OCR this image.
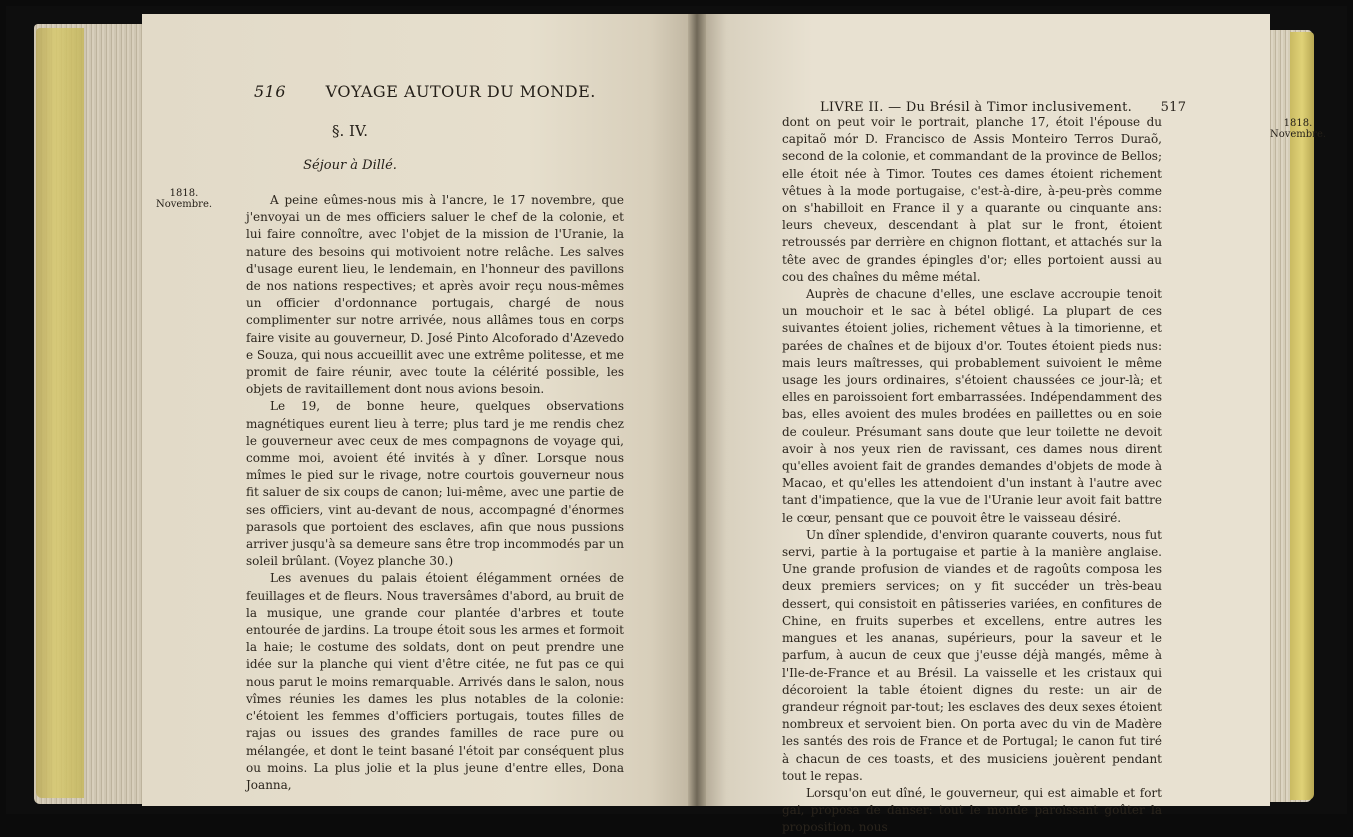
516 VOYAGE AUTOUR DU MONDE.
§. IV.
Séjour à Dillé.
1818. Novembre.	A peine eûmes-nous mis à l'ancre, le 17 novembre, que j'envoyai un de mes officiers saluer le chef de la colonie, et lui faire connoître, avec l'objet de la mission de l'Uranie, la nature des besoins qui motivoient notre relâche. Les salves d'usage eurent lieu, le lendemain, en l'honneur des pavillons de nos nations respectives; et après avoir reçu nous-mêmes un officier d'ordonnance portugais, chargé de nous complimenter sur notre arrivée, nous allâmes tous en corps faire visite au gouverneur, D. José Pinto Alcoforado d'Azevedo e Souza, qui nous accueillit avec une extrême politesse, et me promit de faire réunir, avec toute la célérité possible, les objets de ravitaillement dont nous avions besoin.

Le 19, de bonne heure, quelques observations magnétiques eurent lieu à terre; plus tard je me rendis chez le gouverneur avec ceux de mes compagnons de voyage qui, comme moi, avoient été invités à y dîner. Lorsque nous mîmes le pied sur le rivage, notre courtois gouverneur nous fit saluer de six coups de canon; lui-même, avec une partie de ses officiers, vint au-devant de nous, accompagné d'énormes parasols que portoient des esclaves, afin que nous pussions arriver jusqu'à sa demeure sans être trop incommodés par un soleil brûlant. (Voyez planche 30.)

Les avenues du palais étoient élégamment ornées de feuillages et de fleurs. Nous traversâmes d'abord, au bruit de la musique, une grande cour plantée d'arbres et toute entourée de jardins. La troupe étoit sous les armes et formoit la haie; le costume des soldats, dont on peut prendre une idée sur la planche qui vient d'être citée, ne fut pas ce qui nous parut le moins remarquable. Arrivés dans le salon, nous vîmes réunies les dames les plus notables de la colonie: c'étoient les femmes d'officiers portugais, toutes filles de rajas ou issues des grandes familles de race pure ou mélangée, et dont le teint basané l'étoit par conséquent plus ou moins. La plus jolie et la plus jeune d'entre elles, Dona Joanna,

LIVRE II. — Du Brésil à Timor inclusivement. 517
1818. Novembre.

dont on peut voir le portrait, planche 17, étoit l'épouse du capitaõ mór D. Francisco de Assis Monteiro Terros Duraõ, second de la colonie, et commandant de la province de Bellos; elle étoit née à Timor. Toutes ces dames étoient richement vêtues à la mode portugaise, c'est-à-dire, à-peu-près comme on s'habilloit en France il y a quarante ou cinquante ans: leurs cheveux, descendant à plat sur le front, étoient retroussés par derrière en chignon flottant, et attachés sur la tête avec de grandes épingles d'or; elles portoient aussi au cou des chaînes du même métal.

Auprès de chacune d'elles, une esclave accroupie tenoit un mouchoir et le sac à bétel obligé. La plupart de ces suivantes étoient jolies, richement vêtues à la timorienne, et parées de chaînes et de bijoux d'or. Toutes étoient pieds nus: mais leurs maîtresses, qui probablement suivoient le même usage les jours ordinaires, s'étoient chaussées ce jour-là; et elles en paroissoient fort embarrassées. Indépendamment des bas, elles avoient des mules brodées en paillettes ou en soie de couleur. Présumant sans doute que leur toilette ne devoit avoir à nos yeux rien de ravissant, ces dames nous dirent qu'elles avoient fait de grandes demandes d'objets de mode à Macao, et qu'elles les attendoient d'un instant à l'autre avec tant d'impatience, que la vue de l'Uranie leur avoit fait battre le cœur, pensant que ce pouvoit être le vaisseau désiré.

Un dîner splendide, d'environ quarante couverts, nous fut servi, partie à la portugaise et partie à la manière anglaise. Une grande profusion de viandes et de ragoûts composa les deux premiers services; on y fit succéder un très-beau dessert, qui consistoit en pâtisseries variées, en confitures de Chine, en fruits superbes et excellens, entre autres les mangues et les ananas, supérieurs, pour la saveur et le parfum, à aucun de ceux que j'eusse déjà mangés, même à l'Ile-de-France et au Brésil. La vaisselle et les cristaux qui décoroient la table étoient dignes du reste: un air de grandeur régnoit par-tout; les esclaves des deux sexes étoient nombreux et servoient bien. On porta avec du vin de Madère les santés des rois de France et de Portugal; le canon fut tiré à chacun de ces toasts, et des musiciens jouèrent pendant tout le repas.

Lorsqu'on eut dîné, le gouverneur, qui est aimable et fort gai, proposa de danser: tout le monde paroissant goûter la proposition, nous
